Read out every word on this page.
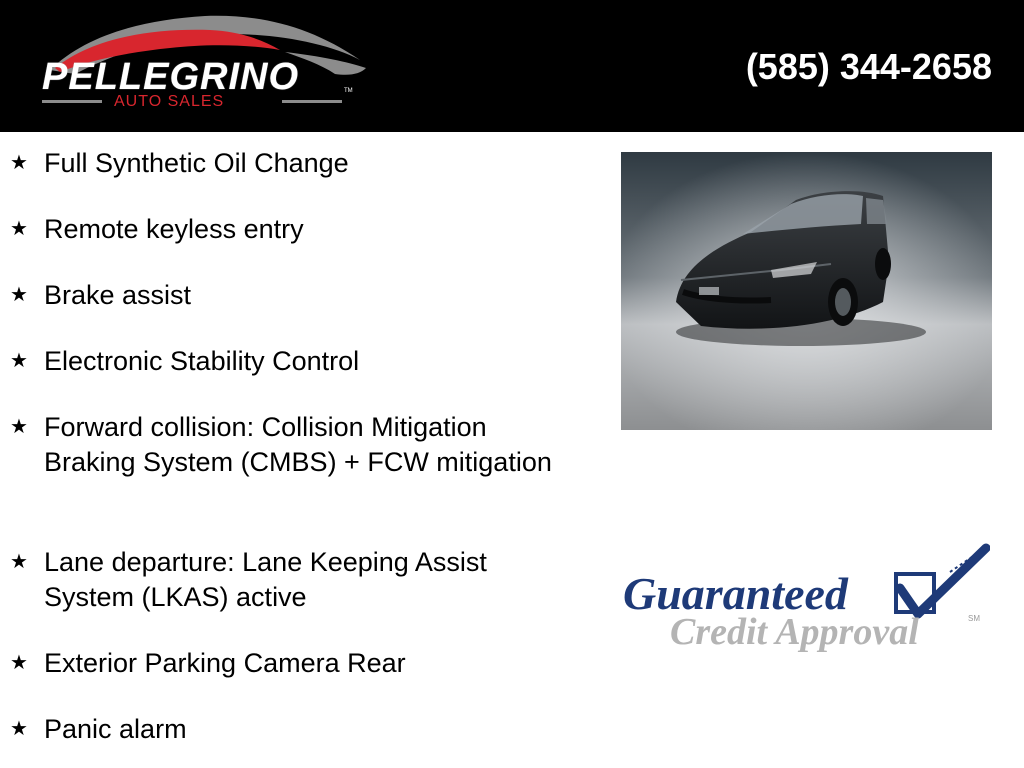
PELLEGRINO
AUTO SALES
TM
(585) 344-2658
★ Full Synthetic Oil Change
★ Remote keyless entry
★ Brake assist
★ Electronic Stability Control
★ Forward collision: Collision Mitigation Braking System (CMBS) + FCW mitigation
★ Lane departure: Lane Keeping Assist System (LKAS) active
★ Exterior Parking Camera Rear
★ Panic alarm
Guaranteed
Credit Approval	SM
